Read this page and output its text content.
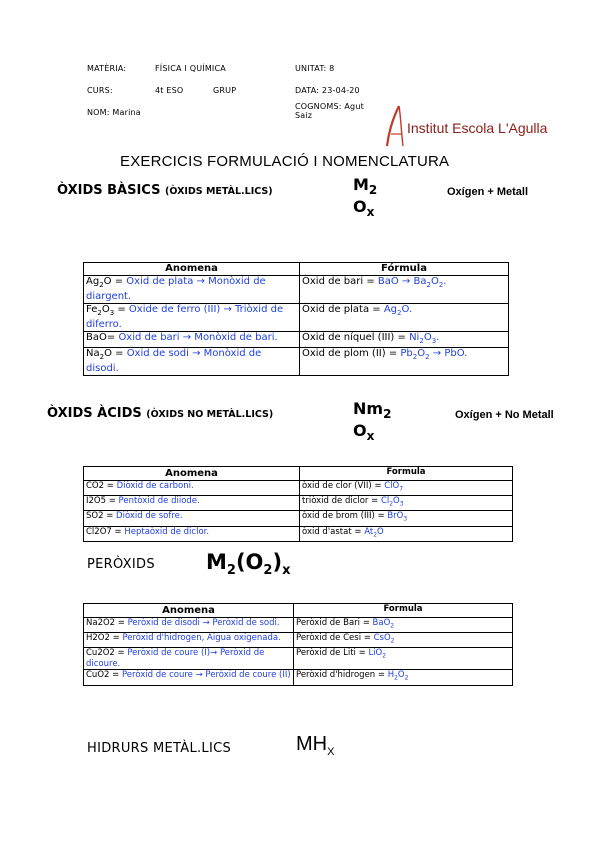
MATÈRIA:	FÍSICA I QUÍMICA	UNITAT: 8
CURS:	4t ESO	GRUP	DATA: 23-04-20
NOM: Marina
COGNOMS: Agut
Saiz
Institut Escola L'Agulla
EXERCICIS FORMULACIÓ I NOMENCLATURA
ÒXIDS BÀSICS (ÒXIDS METÀL.LICS)	$M_2$
$O_x$
Oxígen + Metall
Anomena	Fórmula
$Ag_2O$ = Òxid de plata → Monòxid de diargent.	Òxid de bari = BaO → $Ba_2O_2$.
$Fe_2O_3$ = Òxide de ferro (III) → Triòxid de diferro.	Òxid de plata = $Ag_2O$.
BaO= Òxid de bari → Monòxid de bari.	Òxid de níquel $(III) = Ni_2O_3$.
$Na_2O$ = Òxid de sodi → Monòxid de disodi.	Òxid de plom $(II) = Pb_2O_2$ → PbO.
ÒXIDS ÀCIDS (ÒXIDS NO METÀL.LICS)	$Nm_2$
$O_x$
Oxígen + No Metall
Anomena	Formula
CO2 = Diòxid de carboni.	òxid de clor (VII) = ClO$_7$
I2O5 = Pentòxid de diiode.	triòxid de diclor = $Cl_2O_3$
SO2 = Diòxid de sofre.	òxid de brom (III) = BrO$_3$
Cl2O7 = Heptaòxid de diclor.	òxid d'astat = $At_2O$
PERÒXIDS $M_2(O_2)_x$
Anomena	Formula
Na2O2 = Peròxid de disodi → Peròxid de sodi.	Peròxid de Bari = BaO$_2$
H2O2 = Peròxid d'hidrogen, Aigua oxigenada.	Peròxid de Cesi = CsO$_2$
Cu2O2 = Peròxid de coure (I)→ Peròxid de dicoure.	Peròxid de Liti = LiO$_2$
CuO2 = Peròxid de coure → Peròxid de coure (II)	Peròxid d'hidrogen = $H_2O_2$
HIDRURS METÀL.LICS	$MH_X$
